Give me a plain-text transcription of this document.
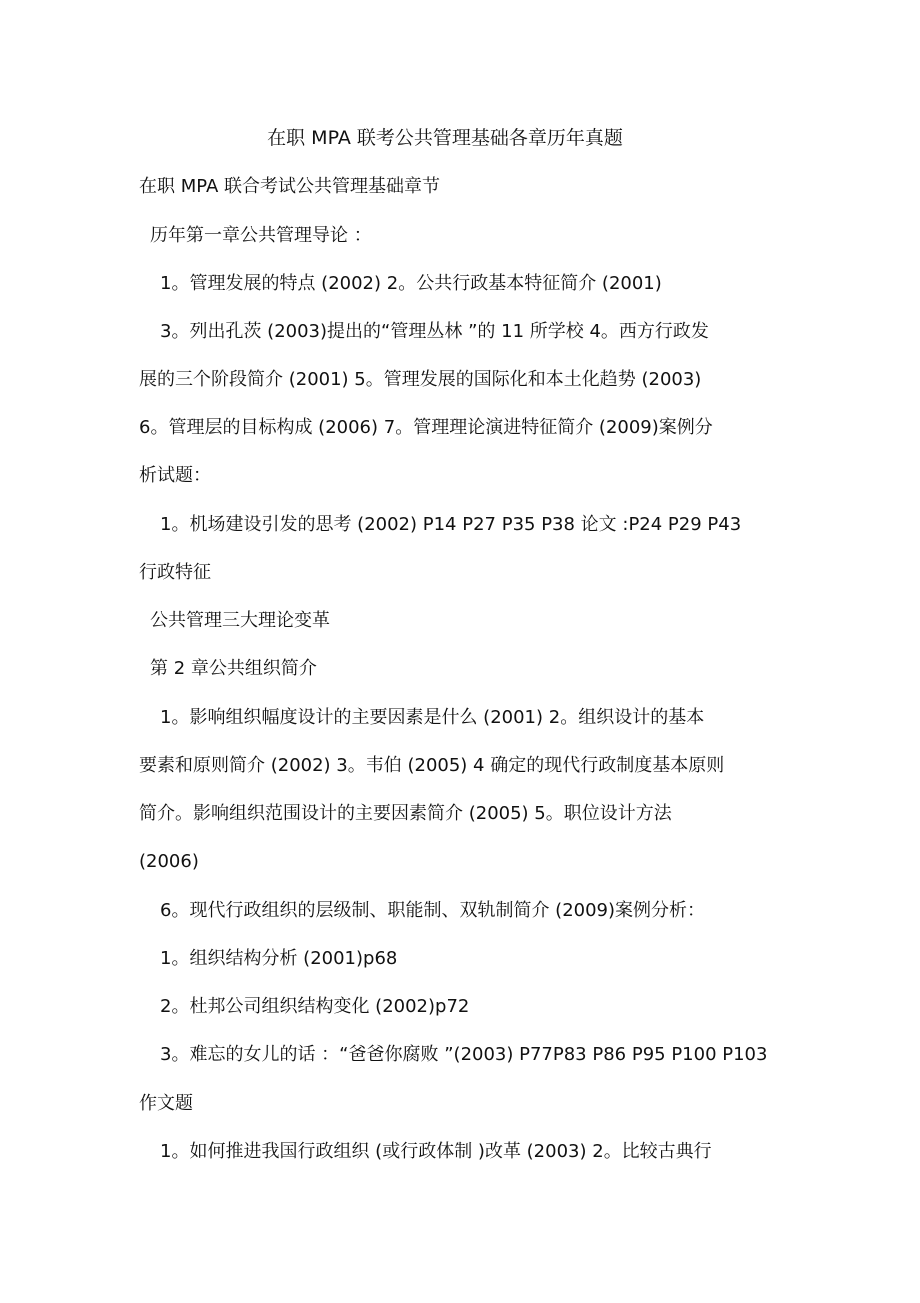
在职 MPA 联考公共管理基础各章历年真题
在职 MPA 联合考试公共管理基础章节
历年第一章公共管理导论 ：
1。管理发展的特点 (2002) 2。公共行政基本特征简介 (2001)
3。列出孔茨 (2003)提出的“管理丛林 ”的 11 所学校 4。西方行政发
展的三个阶段简介 (2001) 5。管理发展的国际化和本土化趋势 (2003)
6。管理层的目标构成 (2006) 7。管理理论演进特征简介 (2009)案例分
析试题：
1。机场建设引发的思考 (2002) P14 P27 P35 P38 论文 :P24 P29 P43
行政特征
公共管理三大理论变革
第 2 章公共组织简介
1。影响组织幅度设计的主要因素是什么 (2001) 2。组织设计的基本
要素和原则简介 (2002) 3。韦伯 (2005) 4 确定的现代行政制度基本原则
简介。影响组织范围设计的主要因素简介 (2005) 5。职位设计方法
(2006)
6。现代行政组织的层级制、职能制、双轨制简介 (2009)案例分析：
1。组织结构分析 (2001)p68
2。杜邦公司组织结构变化 (2002)p72
3。难忘的女儿的话 ：“爸爸你腐败 ”(2003) P77P83 P86 P95 P100 P103
作文题
1。如何推进我国行政组织 (或行政体制 )改革 (2003) 2。比较古典行
